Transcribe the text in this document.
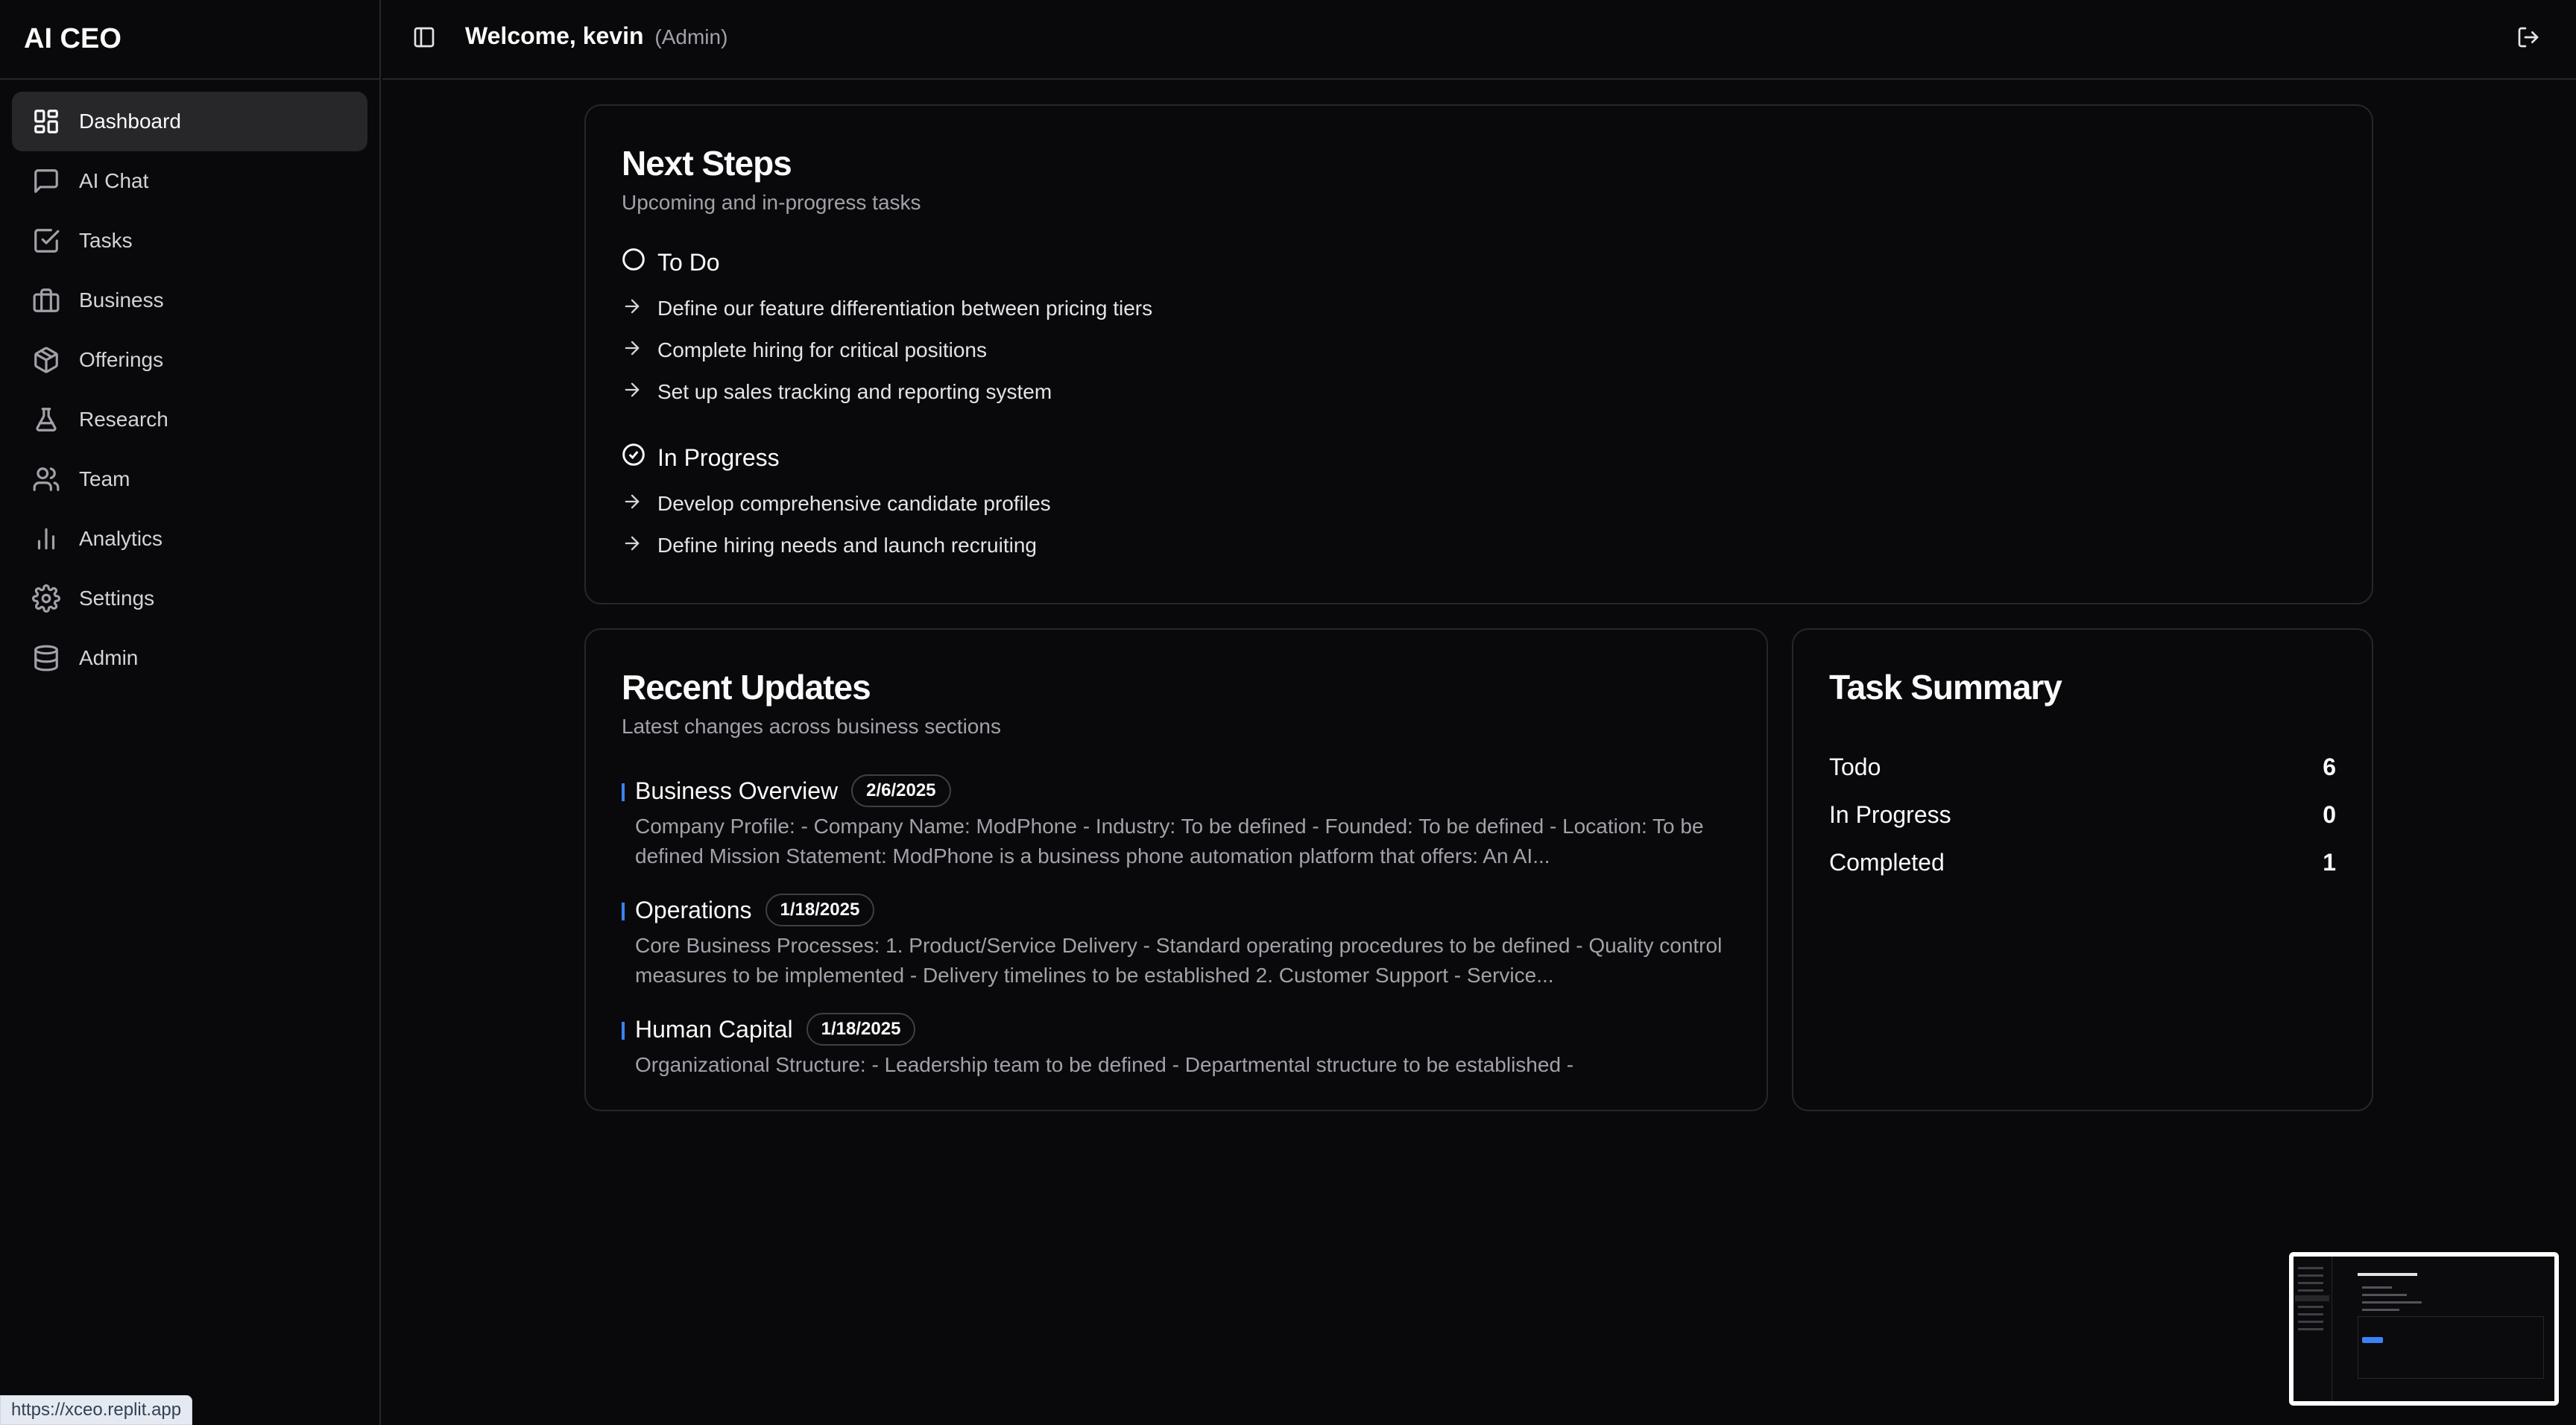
AI CEO
Dashboard
AI Chat
Tasks
Business
Offerings
Research
Team
Analytics
Settings
Admin
Welcome, kevin (Admin)
Next Steps
Upcoming and in-progress tasks
To Do
Define our feature differentiation between pricing tiers
Complete hiring for critical positions
Set up sales tracking and reporting system
In Progress
Develop comprehensive candidate profiles
Define hiring needs and launch recruiting
Recent Updates
Latest changes across business sections
Business Overview	2/6/2025
Company Profile: - Company Name: ModPhone - Industry: To be defined - Founded: To be defined - Location: To be defined Mission Statement: ModPhone is a business phone automation platform that offers: An AI...
Operations	1/18/2025
Core Business Processes: 1. Product/Service Delivery - Standard operating procedures to be defined - Quality control measures to be implemented - Delivery timelines to be established 2. Customer Support - Service...
Human Capital	1/18/2025
Organizational Structure: - Leadership team to be defined - Departmental structure to be established -
Task Summary
Todo	6
In Progress	0
Completed	1
https://xceo.replit.app
